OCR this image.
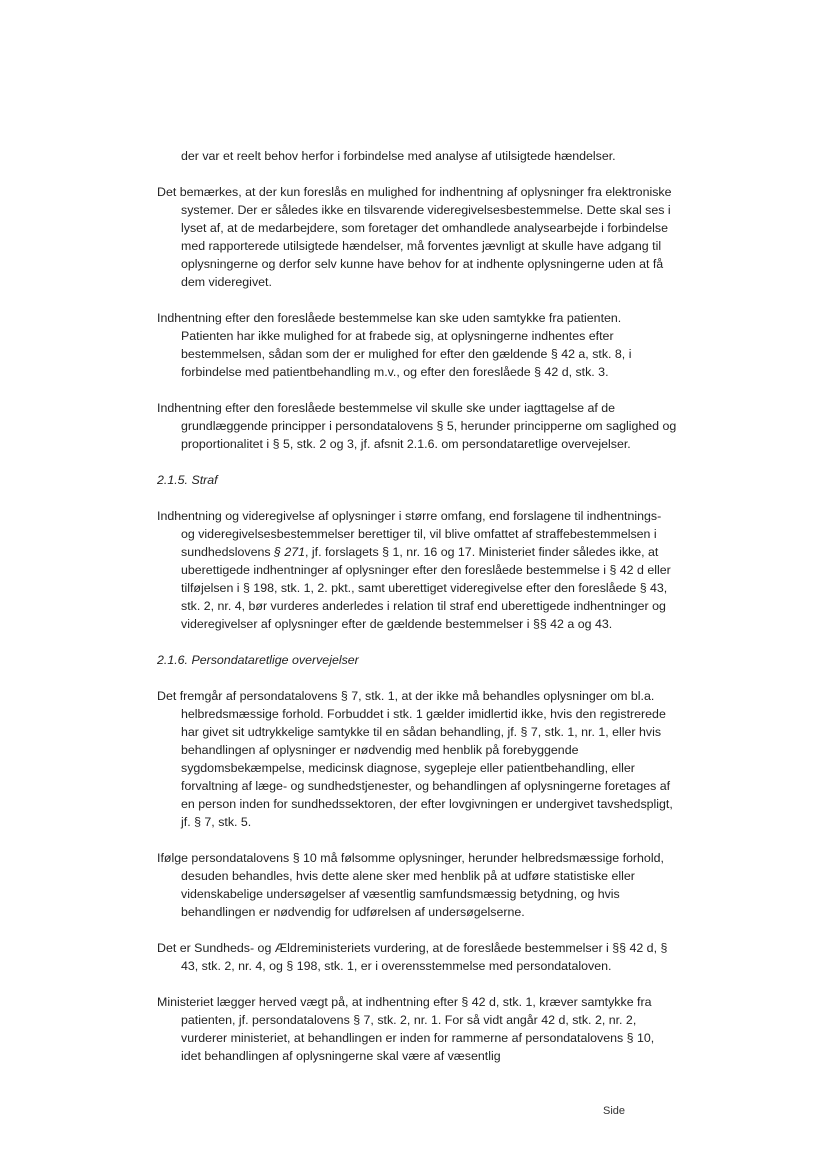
der var et reelt behov herfor i forbindelse med analyse af utilsigtede hændelser.

Det bemærkes, at der kun foreslås en mulighed for indhentning af oplysninger fra elektroniske systemer. Der er således ikke en tilsvarende videregivelsesbestemmelse. Dette skal ses i lyset af, at de medarbejdere, som foretager det omhandlede analysearbejde i forbindelse med rapporterede utilsigtede hændelser, må forventes jævnligt at skulle have adgang til oplysningerne og derfor selv kunne have behov for at indhente oplysningerne uden at få dem videregivet.

Indhentning efter den foreslåede bestemmelse kan ske uden samtykke fra patienten. Patienten har ikke mulighed for at frabede sig, at oplysningerne indhentes efter bestemmelsen, sådan som der er mulighed for efter den gældende § 42 a, stk. 8, i forbindelse med patientbehandling m.v., og efter den foreslåede § 42 d, stk. 3.

Indhentning efter den foreslåede bestemmelse vil skulle ske under iagttagelse af de grundlæggende principper i persondatalovens § 5, herunder principperne om saglighed og proportionalitet i § 5, stk. 2 og 3, jf. afsnit 2.1.6. om persondataretlige overvejelser.

2.1.5. Straf

Indhentning og videregivelse af oplysninger i større omfang, end forslagene til indhentnings- og videregivelsesbestemmelser berettiger til, vil blive omfattet af straffebestemmelsen i sundhedslovens § 271, jf. forslagets § 1, nr. 16 og 17. Ministeriet finder således ikke, at uberettigede indhentninger af oplysninger efter den foreslåede bestemmelse i § 42 d eller tilføjelsen i § 198, stk. 1, 2. pkt., samt uberettiget videregivelse efter den foreslåede § 43, stk. 2, nr. 4, bør vurderes anderledes i relation til straf end uberettigede indhentninger og videregivelser af oplysninger efter de gældende bestemmelser i §§ 42 a og 43.

2.1.6. Persondataretlige overvejelser

Det fremgår af persondatalovens § 7, stk. 1, at der ikke må behandles oplysninger om bl.a. helbredsmæssige forhold. Forbuddet i stk. 1 gælder imidlertid ikke, hvis den registrerede har givet sit udtrykkelige samtykke til en sådan behandling, jf. § 7, stk. 1, nr. 1, eller hvis behandlingen af oplysninger er nødvendig med henblik på forebyggende sygdomsbekæmpelse, medicinsk diagnose, sygepleje eller patientbehandling, eller forvaltning af læge- og sundhedstjenester, og behandlingen af oplysningerne foretages af en person inden for sundhedssektoren, der efter lovgivningen er undergivet tavshedspligt, jf. § 7, stk. 5.

Ifølge persondatalovens § 10 må følsomme oplysninger, herunder helbredsmæssige forhold, desuden behandles, hvis dette alene sker med henblik på at udføre statistiske eller videnskabelige undersøgelser af væsentlig samfundsmæssig betydning, og hvis behandlingen er nødvendig for udførelsen af undersøgelserne.

Det er Sundheds- og Ældreministeriets vurdering, at de foreslåede bestemmelser i §§ 42 d, § 43, stk. 2, nr. 4, og § 198, stk. 1, er i overensstemmelse med persondataloven.

Ministeriet lægger herved vægt på, at indhentning efter § 42 d, stk. 1, kræver samtykke fra patienten, jf. persondatalovens § 7, stk. 2, nr. 1. For så vidt angår 42 d, stk. 2, nr. 2, vurderer ministeriet, at behandlingen er inden for rammerne af persondatalovens § 10, idet behandlingen af oplysningerne skal være af væsentlig

Side
